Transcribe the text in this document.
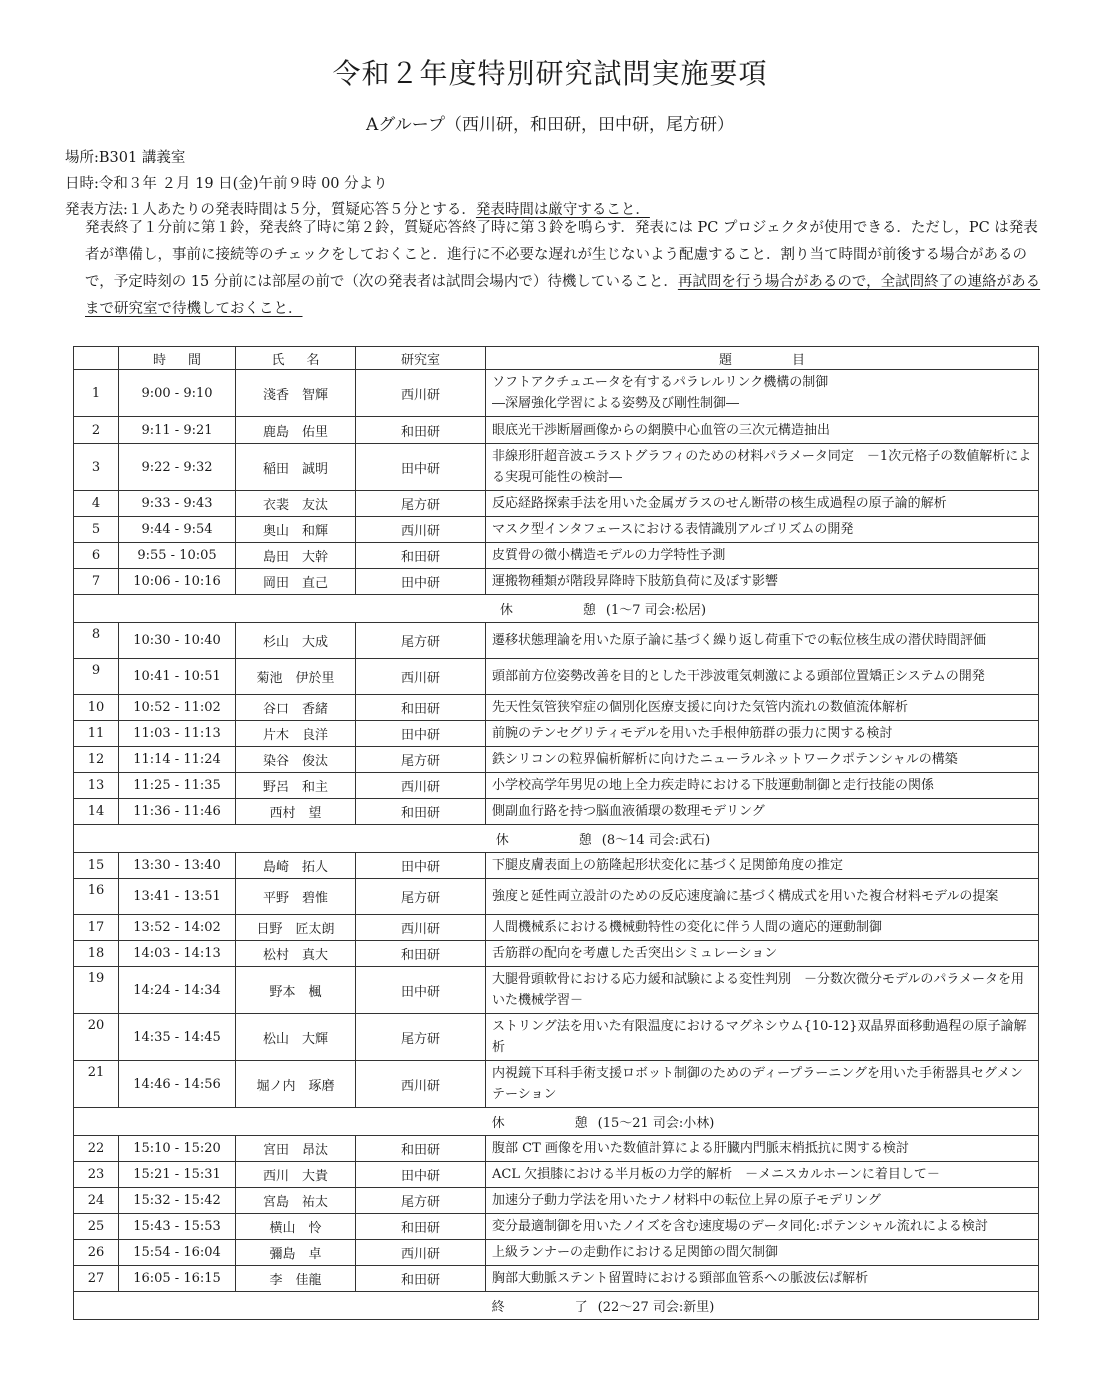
令和２年度特別研究試問実施要項
Aグループ（西川研，和田研，田中研，尾方研）
場所:B301 講義室
日時:令和３年 ２月 19 日(金)午前９時 00 分より
発表方法:１人あたりの発表時間は５分，質疑応答５分とする．発表時間は厳守すること．

発表終了１分前に第１鈴，発表終了時に第２鈴，質疑応答終了時に第３鈴を鳴らす．発表には PC プロジェクタが使用できる．ただし，PC は発表者が準備し，事前に接続等のチェックをしておくこと．進行に不必要な遅れが生じないよう配慮すること．割り当て時間が前後する場合があるので，予定時刻の 15 分前には部屋の前で（次の発表者は試問会場内で）待機していること．再試問を行う場合があるので，全試問終了の連絡があるまで研究室で待機しておくこと．

	時 間	氏 名	研究室	題 目
1	9:00 - 9:10	淺香　智輝	西川研	ソフトアクチュエータを有するパラレルリンク機構の制御
―深層強化学習による姿勢及び剛性制御―
2	9:11 - 9:21	鹿島　佑里	和田研	眼底光干渉断層画像からの網膜中心血管の三次元構造抽出
3	9:22 - 9:32	稲田　誠明	田中研	非線形肝超音波エラストグラフィのための材料パラメータ同定　－1次元格子の数値解析による実現可能性の検討―
4	9:33 - 9:43	衣裴　友汰	尾方研	反応経路探索手法を用いた金属ガラスのせん断帯の核生成過程の原子論的解析
5	9:44 - 9:54	奥山　和輝	西川研	マスク型インタフェースにおける表情識別アルゴリズムの開発
6	9:55 - 10:05	島田　大幹	和田研	皮質骨の微小構造モデルの力学特性予測
7	10:06 - 10:16	岡田　直己	田中研	運搬物種類が階段昇降時下肢筋負荷に及ぼす影響
休 憩 (1～7 司会:松居)				
8	10:30 - 10:40	杉山　大成	尾方研	遷移状態理論を用いた原子論に基づく繰り返し荷重下での転位核生成の潜伏時間評価
9	10:41 - 10:51	菊池　伊於里	西川研	頭部前方位姿勢改善を目的とした干渉波電気刺激による頭部位置矯正システムの開発
10	10:52 - 11:02	谷口　香緒	和田研	先天性気管狭窄症の個別化医療支援に向けた気管内流れの数値流体解析
11	11:03 - 11:13	片木　良洋	田中研	前腕のテンセグリティモデルを用いた手根伸筋群の張力に関する検討
12	11:14 - 11:24	染谷　俊汰	尾方研	鉄シリコンの粒界偏析解析に向けたニューラルネットワークポテンシャルの構築
13	11:25 - 11:35	野呂　和主	西川研	小学校高学年男児の地上全力疾走時における下肢運動制御と走行技能の関係
14	11:36 - 11:46	西村　望	和田研	側副血行路を持つ脳血液循環の数理モデリング
休 憩 (8～14 司会:武石)				
15	13:30 - 13:40	島崎　拓人	田中研	下腿皮膚表面上の筋隆起形状変化に基づく足関節角度の推定
16	13:41 - 13:51	平野　碧惟	尾方研	強度と延性両立設計のための反応速度論に基づく構成式を用いた複合材料モデルの提案
17	13:52 - 14:02	日野　匠太朗	西川研	人間機械系における機械動特性の変化に伴う人間の適応的運動制御
18	14:03 - 14:13	松村　真大	和田研	舌筋群の配向を考慮した舌突出シミュレーション
19	14:24 - 14:34	野本　楓	田中研	大腿骨頭軟骨における応力緩和試験による変性判別　－分数次微分モデルのパラメータを用いた機械学習－
20	14:35 - 14:45	松山　大輝	尾方研	ストリング法を用いた有限温度におけるマグネシウム{10-12}双晶界面移動過程の原子論解析
21	14:46 - 14:56	堀ノ内　琢磨	西川研	内視鏡下耳科手術支援ロボット制御のためのディープラーニングを用いた手術器具セグメンテーション
休 憩 (15～21 司会:小林)				
22	15:10 - 15:20	宮田　昂汰	和田研	腹部 CT 画像を用いた数値計算による肝臓内門脈末梢抵抗に関する検討
23	15:21 - 15:31	西川　大貴	田中研	ACL 欠損膝における半月板の力学的解析　－メニスカルホーンに着目して－
24	15:32 - 15:42	宮島　祐太	尾方研	加速分子動力学法を用いたナノ材料中の転位上昇の原子モデリング
25	15:43 - 15:53	横山　怜	和田研	変分最適制御を用いたノイズを含む速度場のデータ同化:ポテンシャル流れによる検討
26	15:54 - 16:04	彌島　卓	西川研	上級ランナーの走動作における足関節の間欠制御
27	16:05 - 16:15	李　佳龍	和田研	胸部大動脈ステント留置時における頸部血管系への脈波伝ぱ解析
終 了 (22～27 司会:新里)				
